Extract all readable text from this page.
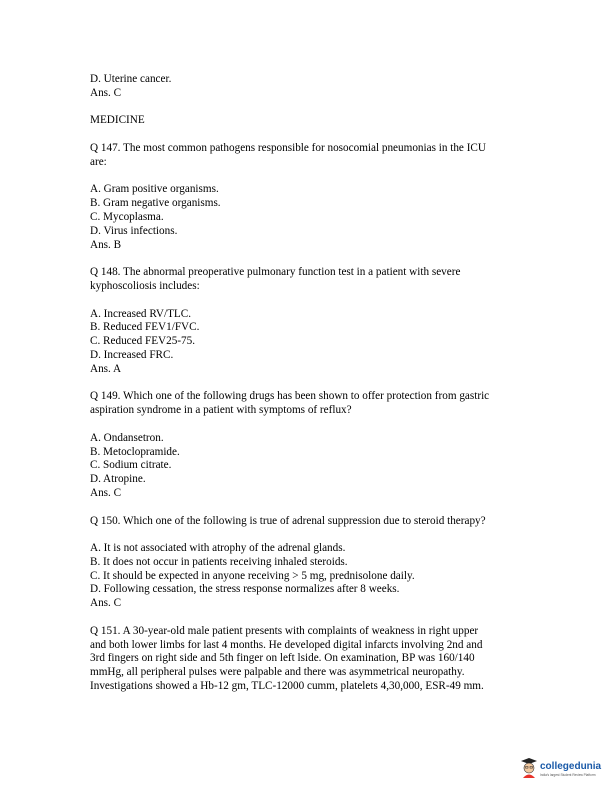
D. Uterine cancer.
Ans. C
MEDICINE
Q 147. The most common pathogens responsible for nosocomial pneumonias in the ICU
are:
A. Gram positive organisms.
B. Gram negative organisms.
C. Mycoplasma.
D. Virus infections.
Ans. B
Q 148. The abnormal preoperative pulmonary function test in a patient with severe
kyphoscoliosis includes:
A. Increased RV/TLC.
B. Reduced FEV1/FVC.
C. Reduced FEV25-75.
D. Increased FRC.
Ans. A
Q 149. Which one of the following drugs has been shown to offer protection from gastric
aspiration syndrome in a patient with symptoms of reflux?
A. Ondansetron.
B. Metoclopramide.
C. Sodium citrate.
D. Atropine.
Ans. C
Q 150. Which one of the following is true of adrenal suppression due to steroid therapy?
A. It is not associated with atrophy of the adrenal glands.
B. It does not occur in patients receiving inhaled steroids.
C. It should be expected in anyone receiving > 5 mg, prednisolone daily.
D. Following cessation, the stress response normalizes after 8 weeks.
Ans. C
Q 151. A 30-year-old male patient presents with complaints of weakness in right upper
and both lower limbs for last 4 months. He developed digital infarcts involving 2nd and
3rd fingers on right side and 5th finger on left lside. On examination, BP was 160/140
mmHg, all peripheral pulses were palpable and there was asymmetrical neuropathy.
Investigations showed a Hb-12 gm, TLC-12000 cumm, platelets 4,30,000, ESR-49 mm.
collegedunia
India's largest Student Review Platform
